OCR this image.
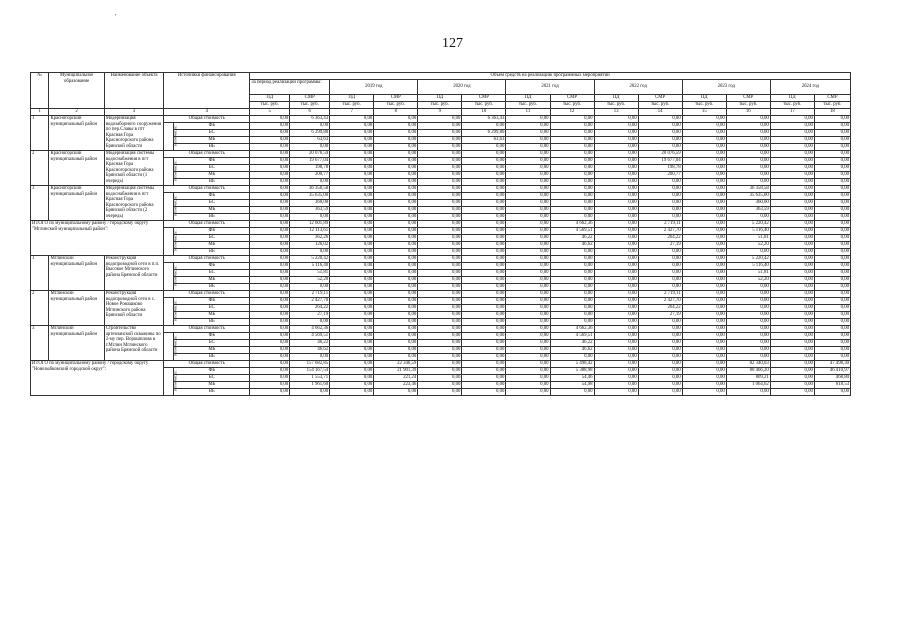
'
127
№	Муниципальное образование	Наименование объекта	Источники финансирования		Объем средств на реализацию программных мероприятий													
					За период реализации программы:		2019 год		2020 год		2021 год		2022 год		2023 год		2024 год	
					ПД	СМР	ПД	СМР	ПД	СМР	ПД	СМР	ПД	СМР	ПД	СМР	ПД	СМР
					тыс. руб.	тыс. руб.	тыс. руб.	тыс. руб.	тыс. руб.	тыс. руб.	тыс. руб.	тыс. руб.	тыс. руб.	тыс. руб.	тыс. руб.	тыс. руб.	тыс. руб.	тыс. руб.
1	2	3	4		5	6	7	8	9	10	11	12	13	14	15	16	17	18
1	Красногорский муниципальный район	Модернизация водозаборного сооружения по пер.Славы в пгт Красная Гора Красногорского района Брянской области	Общая стоимость		0,00	6 363,43	0,00	0,00	0,00	6 363,43	0,00	0,00	0,00	0,00	0,00	0,00	0,00	0,00
			в том числе:	ФБ	0,00	0,00	0,00	0,00	0,00	0,00	0,00	0,00	0,00	0,00	0,00	0,00	0,00	0,00
				БС	0,00	6 299,80	0,00	0,00	0,00	6 299,80	0,00	0,00	0,00	0,00	0,00	0,00	0,00	0,00
				МБ	0,00	63,63	0,00	0,00	0,00	63,63	0,00	0,00	0,00	0,00	0,00	0,00	0,00	0,00
				ВБ	0,00	0,00	0,00	0,00	0,00	0,00	0,00	0,00	0,00	0,00	0,00	0,00	0,00	0,00
2	Красногорский муниципальный район	Модернизация системы водоснабжения в пгт Красная Гора Красногорского района Брянской области (1 очередь)	Общая стоимость		0,00	20 076,59	0,00	0,00	0,00	0,00	0,00	0,00	0,00	20 076,59	0,00	0,00	0,00	0,00
			в том числе:	ФБ	0,00	19 677,04	0,00	0,00	0,00	0,00	0,00	0,00	0,00	19 677,04	0,00	0,00	0,00	0,00
				БС	0,00	198,78	0,00	0,00	0,00	0,00	0,00	0,00	0,00	198,78	0,00	0,00	0,00	0,00
				МБ	0,00	200,77	0,00	0,00	0,00	0,00	0,00	0,00	0,00	200,77	0,00	0,00	0,00	0,00
				ВБ	0,00	0,00	0,00	0,00	0,00	0,00	0,00	0,00	0,00	0,00	0,00	0,00	0,00	0,00
3	Красногорский муниципальный район	Модернизация системы водоснабжения в пгт Красная Гора Красногорского района Брянской области (2 очередь)	Общая стоимость		0,00	36 358,58	0,00	0,00	0,00	0,00	0,00	0,00	0,00	0,00	0,00	36 358,58	0,00	0,00
			в том числе:	ФБ	0,00	35 635,00	0,00	0,00	0,00	0,00	0,00	0,00	0,00	0,00	0,00	35 635,00	0,00	0,00
				БС	0,00	360,00	0,00	0,00	0,00	0,00	0,00	0,00	0,00	0,00	0,00	360,00	0,00	0,00
				МБ	0,00	363,59	0,00	0,00	0,00	0,00	0,00	0,00	0,00	0,00	0,00	363,59	0,00	0,00
				ВБ	0,00	0,00	0,00	0,00	0,00	0,00	0,00	0,00	0,00	0,00	0,00	0,00	0,00	0,00
ИТОГО по муниципальному району / городскому округу "Мглинский муниципальный район":			Общая стоимость		0,00	12 601,89	0,00	0,00	0,00	0,00	0,00	4 662,36	0,00	2 719,11	0,00	5 220,42	0,00	0,00
			в том числе:	ФБ	0,00	12 113,61	0,00	0,00	0,00	0,00	0,00	4 569,51	0,00	2 427,70	0,00	5 116,40	0,00	0,00
				БС	0,00	362,26	0,00	0,00	0,00	0,00	0,00	46,22	0,00	264,22	0,00	51,81	0,00	0,00
				МБ	0,00	126,02	0,00	0,00	0,00	0,00	0,00	46,62	0,00	27,19	0,00	52,20	0,00	0,00
				ВБ	0,00	0,00	0,00	0,00	0,00	0,00	0,00	0,00	0,00	0,00	0,00	0,00	0,00	0,00
1	Мглинский муниципальный район	Реконструкция водопроводной сети в п.п. Высокое Мглинского района Брянской области	Общая стоимость		0,00	5 220,42	0,00	0,00	0,00	0,00	0,00	0,00	0,00	0,00	0,00	5 220,42	0,00	0,00
			в том числе:	ФБ	0,00	5 116,40	0,00	0,00	0,00	0,00	0,00	0,00	0,00	0,00	0,00	5 116,40	0,00	0,00
				БС	0,00	51,81	0,00	0,00	0,00	0,00	0,00	0,00	0,00	0,00	0,00	51,81	0,00	0,00
				МБ	0,00	52,20	0,00	0,00	0,00	0,00	0,00	0,00	0,00	0,00	0,00	52,20	0,00	0,00
				ВБ	0,00	0,00	0,00	0,00	0,00	0,00	0,00	0,00	0,00	0,00	0,00	0,00	0,00	0,00
2	Мглинский муниципальный район	Реконструкция водопроводной сети в с. Новое Ромашково Мглинского района Брянской области	Общая стоимость		0,00	2 719,11	0,00	0,00	0,00	0,00	0,00	0,00	0,00	2 719,11	0,00	0,00	0,00	0,00
			в том числе:	ФБ	0,00	2 427,70	0,00	0,00	0,00	0,00	0,00	0,00	0,00	2 427,70	0,00	0,00	0,00	0,00
				БС	0,00	264,22	0,00	0,00	0,00	0,00	0,00	0,00	0,00	264,22	0,00	0,00	0,00	0,00
				МБ	0,00	27,19	0,00	0,00	0,00	0,00	0,00	0,00	0,00	27,19	0,00	0,00	0,00	0,00
				ВБ	0,00	0,00	0,00	0,00	0,00	0,00	0,00	0,00	0,00	0,00	0,00	0,00	0,00	0,00
3	Мглинский муниципальный район	Строительство артезианской скважины по 2-му пер. Ворошилова в г.Мглин Мглинского района Брянской области	Общая стоимость		0,00	4 662,36	0,00	0,00	0,00	0,00	0,00	4 662,36	0,00	0,00	0,00	0,00	0,00	0,00
			в том числе:	ФБ	0,00	4 569,51	0,00	0,00	0,00	0,00	0,00	4 569,51	0,00	0,00	0,00	0,00	0,00	0,00
				БС	0,00	46,22	0,00	0,00	0,00	0,00	0,00	46,22	0,00	0,00	0,00	0,00	0,00	0,00
				МБ	0,00	46,62	0,00	0,00	0,00	0,00	0,00	46,62	0,00	0,00	0,00	0,00	0,00	0,00
				ВБ	0,00	0,00	0,00	0,00	0,00	0,00	0,00	0,00	0,00	0,00	0,00	0,00	0,00	0,00
ИТОГО по муниципальному району / городскому округу "Новозыбковский городской округ":			Общая стоимость		0,00	157 682,85	0,00	22 346,59	0,00	0,00	0,00	5 498,42	0,00	0,00	0,00	82 340,03	0,00	47 498,30
			в том числе:	ФБ	0,00	154 167,54	0,00	21 901,39	0,00	0,00	0,00	5 388,98	0,00	0,00	0,00	80 466,20	0,00	46 410,97
				БС	0,00	1 553,71	0,00	221,24	0,00	0,00	0,00	54,46	0,00	0,00	0,00	809,21	0,00	468,80
				МБ	0,00	1 961,60	0,00	223,46	0,00	0,00	0,00	54,98	0,00	0,00	0,00	1 064,62	0,00	618,53
				ВБ	0,00	0,00	0,00	0,00	0,00	0,00	0,00	0,00	0,00	0,00	0,00	0,00	0,00	0,00
